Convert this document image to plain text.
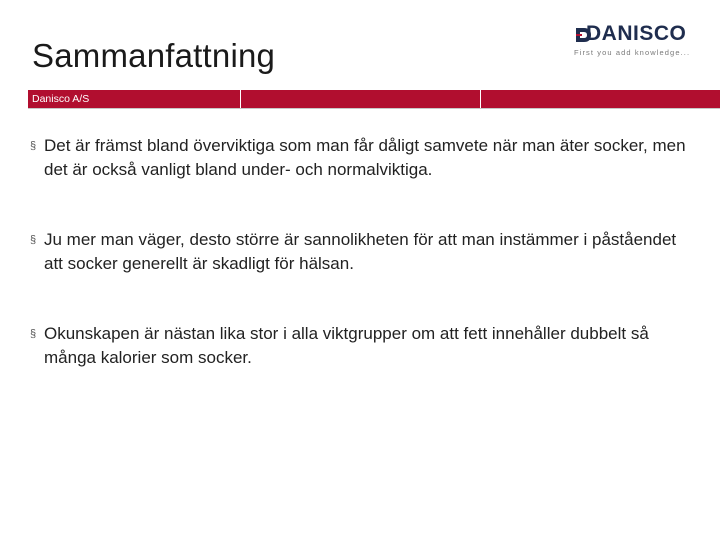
Sammanfattning
DANISCO
First you add knowledge...
Danisco A/S
§ Det är främst bland överviktiga som man får dåligt samvete när man äter socker, men det är också vanligt bland under- och normalviktiga.
§ Ju mer man väger, desto större är sannolikheten för att man instämmer i påståendet att socker generellt är skadligt för hälsan.
§ Okunskapen är nästan lika stor i alla viktgrupper om att fett innehåller dubbelt så många kalorier som socker.
